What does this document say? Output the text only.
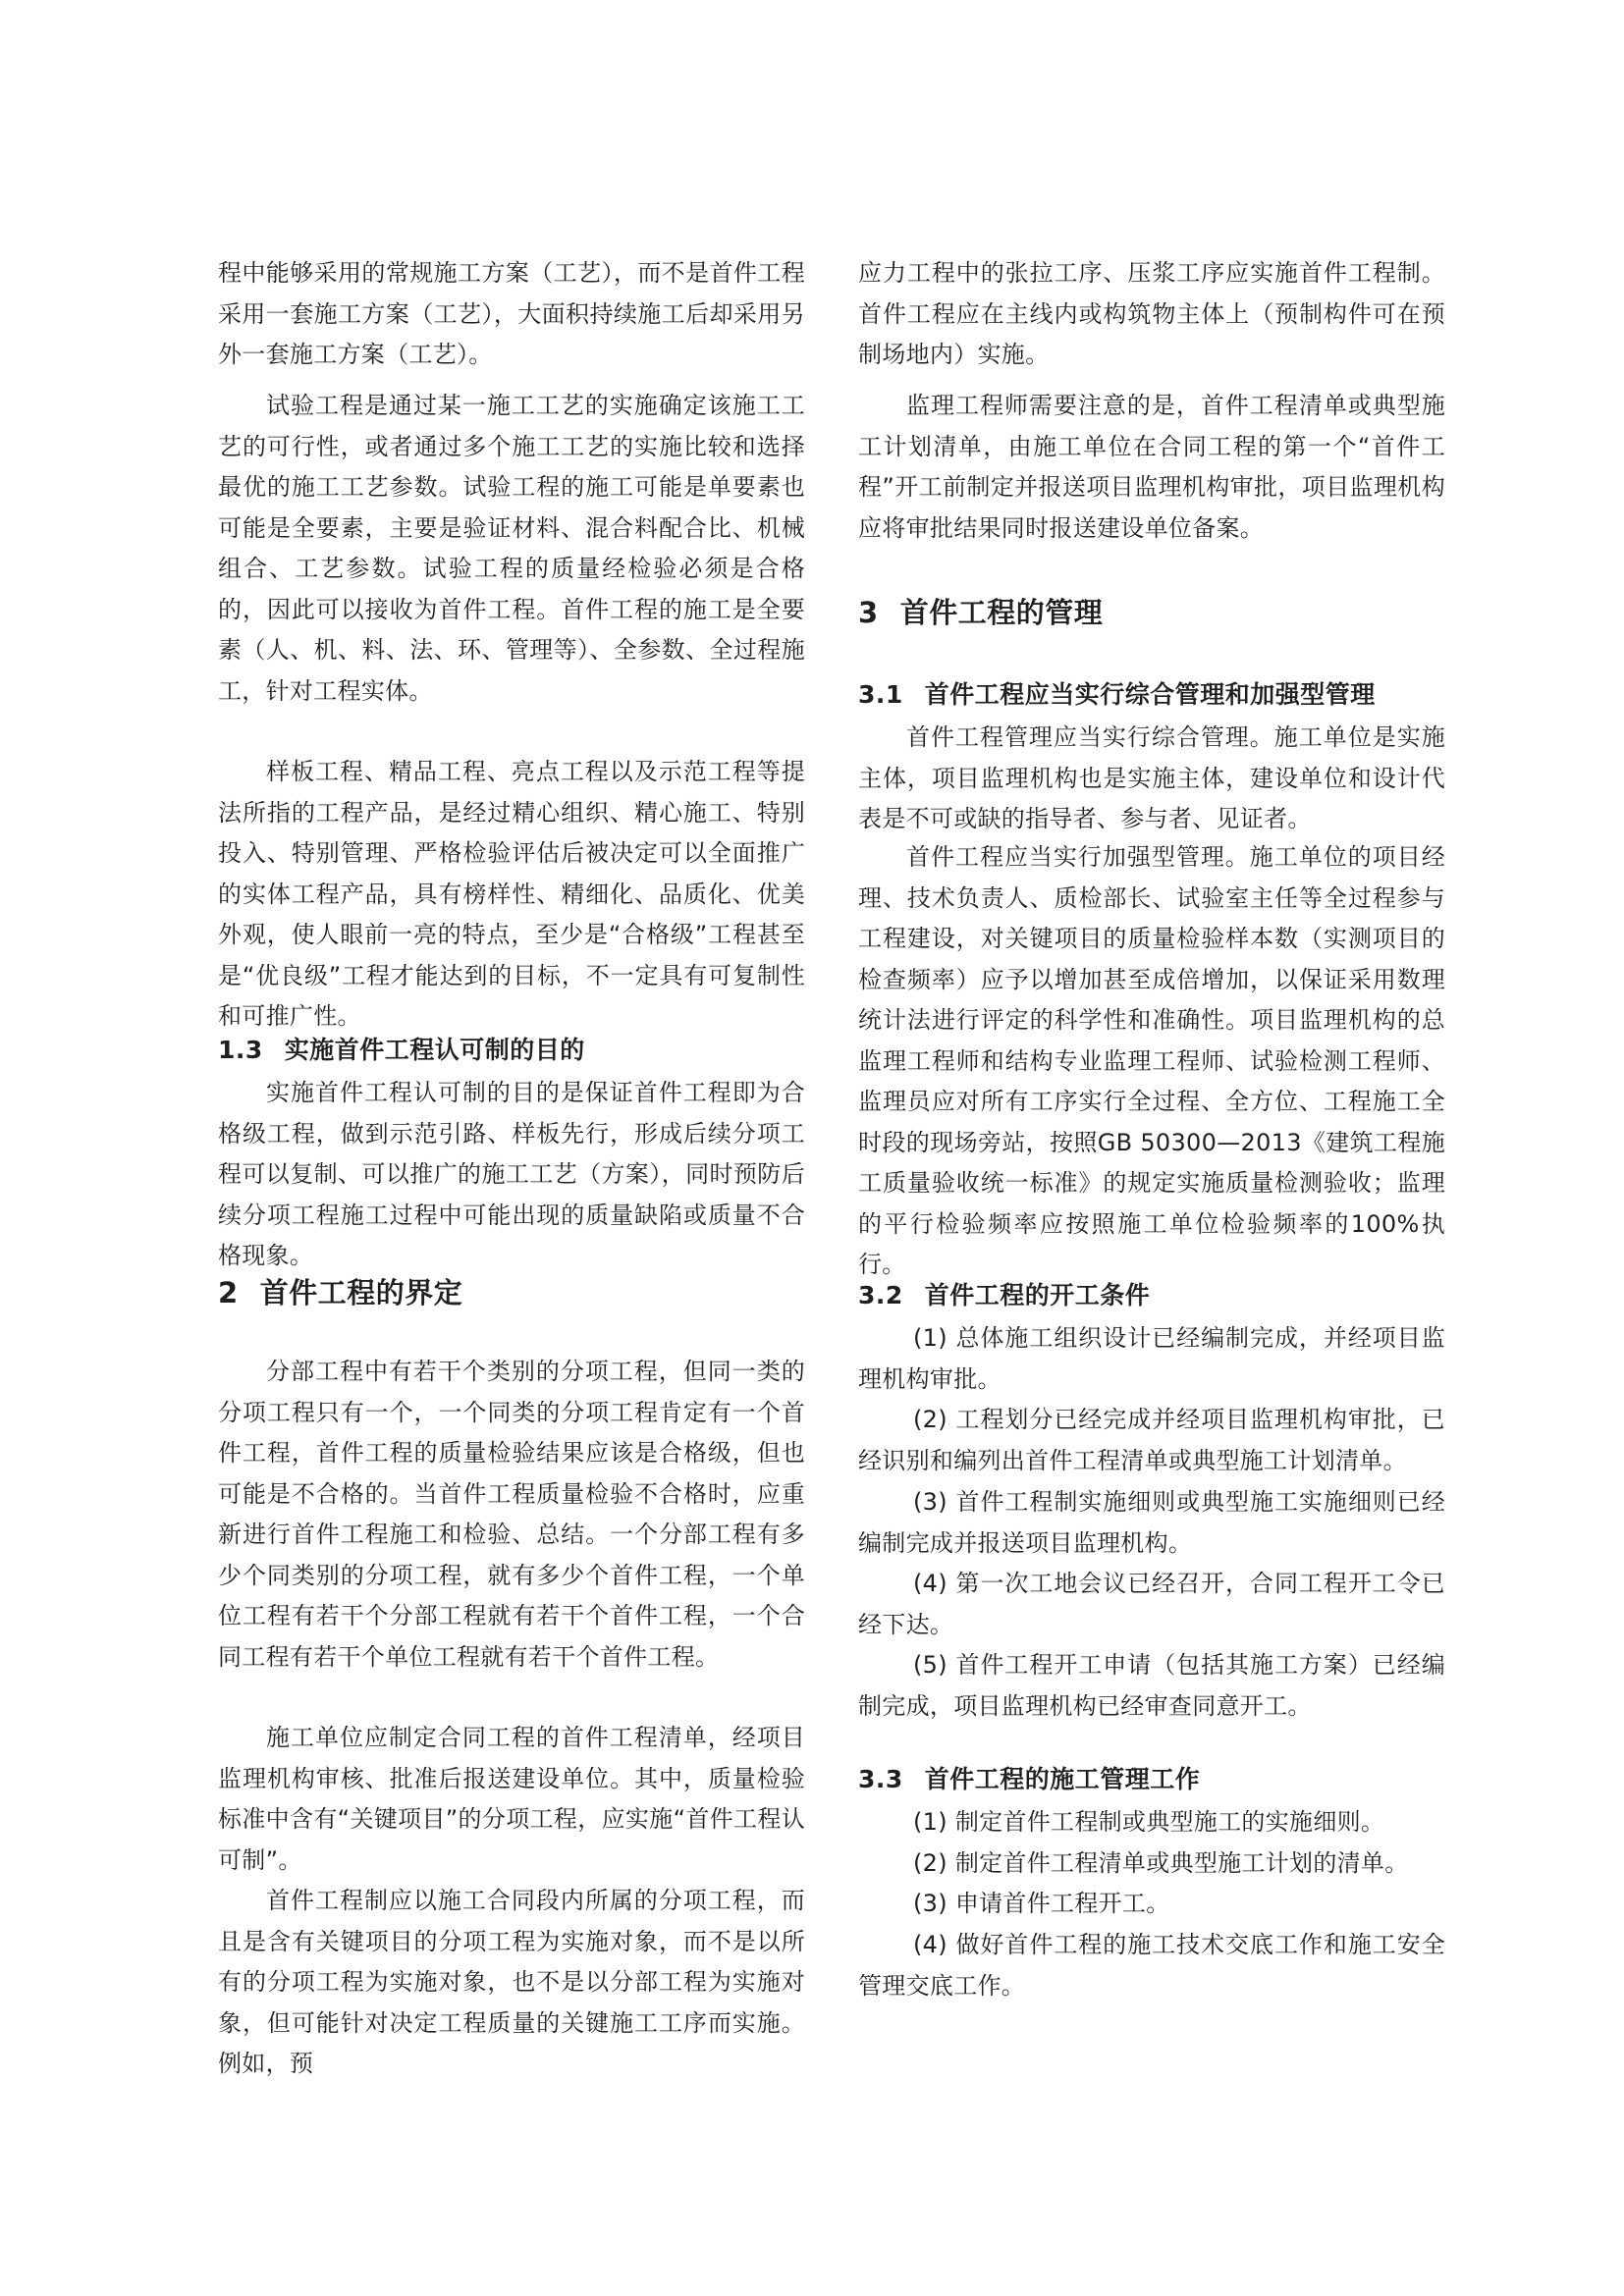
程中能够采用的常规施工方案（工艺），而不是首件工程采用一套施工方案（工艺），大面积持续施工后却采用另外一套施工方案（工艺）。

试验工程是通过某一施工工艺的实施确定该施工工艺的可行性，或者通过多个施工工艺的实施比较和选择最优的施工工艺参数。试验工程的施工可能是单要素也可能是全要素，主要是验证材料、混合料配合比、机械组合、工艺参数。试验工程的质量经检验必须是合格的，因此可以接收为首件工程。首件工程的施工是全要素（人、机、料、法、环、管理等）、全参数、全过程施工，针对工程实体。

样板工程、精品工程、亮点工程以及示范工程等提法所指的工程产品，是经过精心组织、精心施工、特别投入、特别管理、严格检验评估后被决定可以全面推广的实体工程产品，具有榜样性、精细化、品质化、优美外观，使人眼前一亮的特点，至少是“合格级”工程甚至是“优良级”工程才能达到的目标，不一定具有可复制性和可推广性。

1.3 实施首件工程认可制的目的

实施首件工程认可制的目的是保证首件工程即为合格级工程，做到示范引路、样板先行，形成后续分项工程可以复制、可以推广的施工工艺（方案），同时预防后续分项工程施工过程中可能出现的质量缺陷或质量不合格现象。

2 首件工程的界定

分部工程中有若干个类别的分项工程，但同一类的分项工程只有一个，一个同类的分项工程肯定有一个首件工程，首件工程的质量检验结果应该是合格级，但也可能是不合格的。当首件工程质量检验不合格时，应重新进行首件工程施工和检验、总结。一个分部工程有多少个同类别的分项工程，就有多少个首件工程，一个单位工程有若干个分部工程就有若干个首件工程，一个合同工程有若干个单位工程就有若干个首件工程。

施工单位应制定合同工程的首件工程清单，经项目监理机构审核、批准后报送建设单位。其中，质量检验标准中含有“关键项目”的分项工程，应实施“首件工程认可制”。

首件工程制应以施工合同段内所属的分项工程，而且是含有关键项目的分项工程为实施对象，而不是以所有的分项工程为实施对象，也不是以分部工程为实施对象，但可能针对决定工程质量的关键施工工序而实施。例如，预

应力工程中的张拉工序、压浆工序应实施首件工程制。首件工程应在主线内或构筑物主体上（预制构件可在预制场地内）实施。

监理工程师需要注意的是，首件工程清单或典型施工计划清单，由施工单位在合同工程的第一个“首件工程”开工前制定并报送项目监理机构审批，项目监理机构应将审批结果同时报送建设单位备案。

3 首件工程的管理
3.1 首件工程应当实行综合管理和加强型管理

首件工程管理应当实行综合管理。施工单位是实施主体，项目监理机构也是实施主体，建设单位和设计代表是不可或缺的指导者、参与者、见证者。

首件工程应当实行加强型管理。施工单位的项目经理、技术负责人、质检部长、试验室主任等全过程参与工程建设，对关键项目的质量检验样本数（实测项目的检查频率）应予以增加甚至成倍增加，以保证采用数理统计法进行评定的科学性和准确性。项目监理机构的总监理工程师和结构专业监理工程师、试验检测工程师、监理员应对所有工序实行全过程、全方位、工程施工全时段的现场旁站，按照GB 50300—2013《建筑工程施工质量验收统一标准》的规定实施质量检测验收；监理的平行检验频率应按照施工单位检验频率的100%执行。

3.2 首件工程的开工条件

(1) 总体施工组织设计已经编制完成，并经项目监理机构审批。

(2) 工程划分已经完成并经项目监理机构审批，已经识别和编列出首件工程清单或典型施工计划清单。

(3) 首件工程制实施细则或典型施工实施细则已经编制完成并报送项目监理机构。

(4) 第一次工地会议已经召开，合同工程开工令已经下达。

(5) 首件工程开工申请（包括其施工方案）已经编制完成，项目监理机构已经审查同意开工。

3.3 首件工程的施工管理工作

(1) 制定首件工程制或典型施工的实施细则。

(2) 制定首件工程清单或典型施工计划的清单。

(3) 申请首件工程开工。

(4) 做好首件工程的施工技术交底工作和施工安全管理交底工作。
